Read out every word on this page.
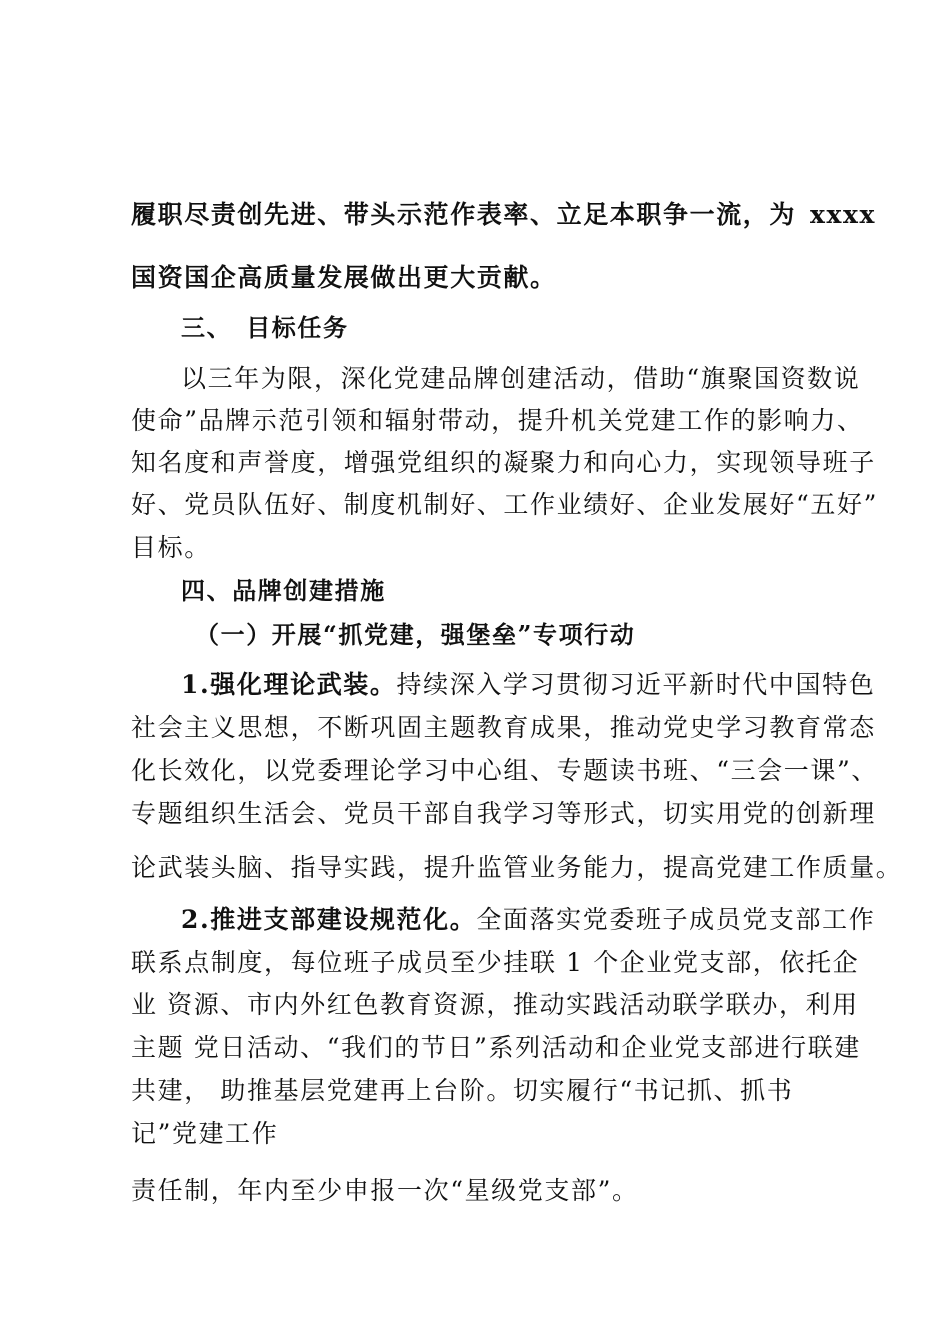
履职尽责创先进、带头示范作表率、立足本职争一流，为 xxxx
国资国企高质量发展做出更大贡献。
三、 目标任务
以三年为限，深化党建品牌创建活动，借助“旗聚国资数说
使命”品牌示范引领和辐射带动，提升机关党建工作的影响力、
知名度和声誉度，增强党组织的凝聚力和向心力，实现领导班子
好、党员队伍好、制度机制好、工作业绩好、企业发展好“五好”
目标。
四、品牌创建措施
（一）开展“抓党建，强堡垒”专项行动
1.强化理论武装。持续深入学习贯彻习近平新时代中国特色
社会主义思想，不断巩固主题教育成果，推动党史学习教育常态
化长效化，以党委理论学习中心组、专题读书班、“三会一课”、
专题组织生活会、党员干部自我学习等形式，切实用党的创新理
论武装头脑、指导实践，提升监管业务能力，提高党建工作质量。
2.推进支部建设规范化。全面落实党委班子成员党支部工作
联系点制度，每位班子成员至少挂联 1 个企业党支部，依托企
业 资源、市内外红色教育资源，推动实践活动联学联办，利用
主题 党日活动、“我们的节日”系列活动和企业党支部进行联建
共建， 助推基层党建再上台阶。切实履行“书记抓、抓书
记”党建工作
责任制，年内至少申报一次“星级党支部”。
